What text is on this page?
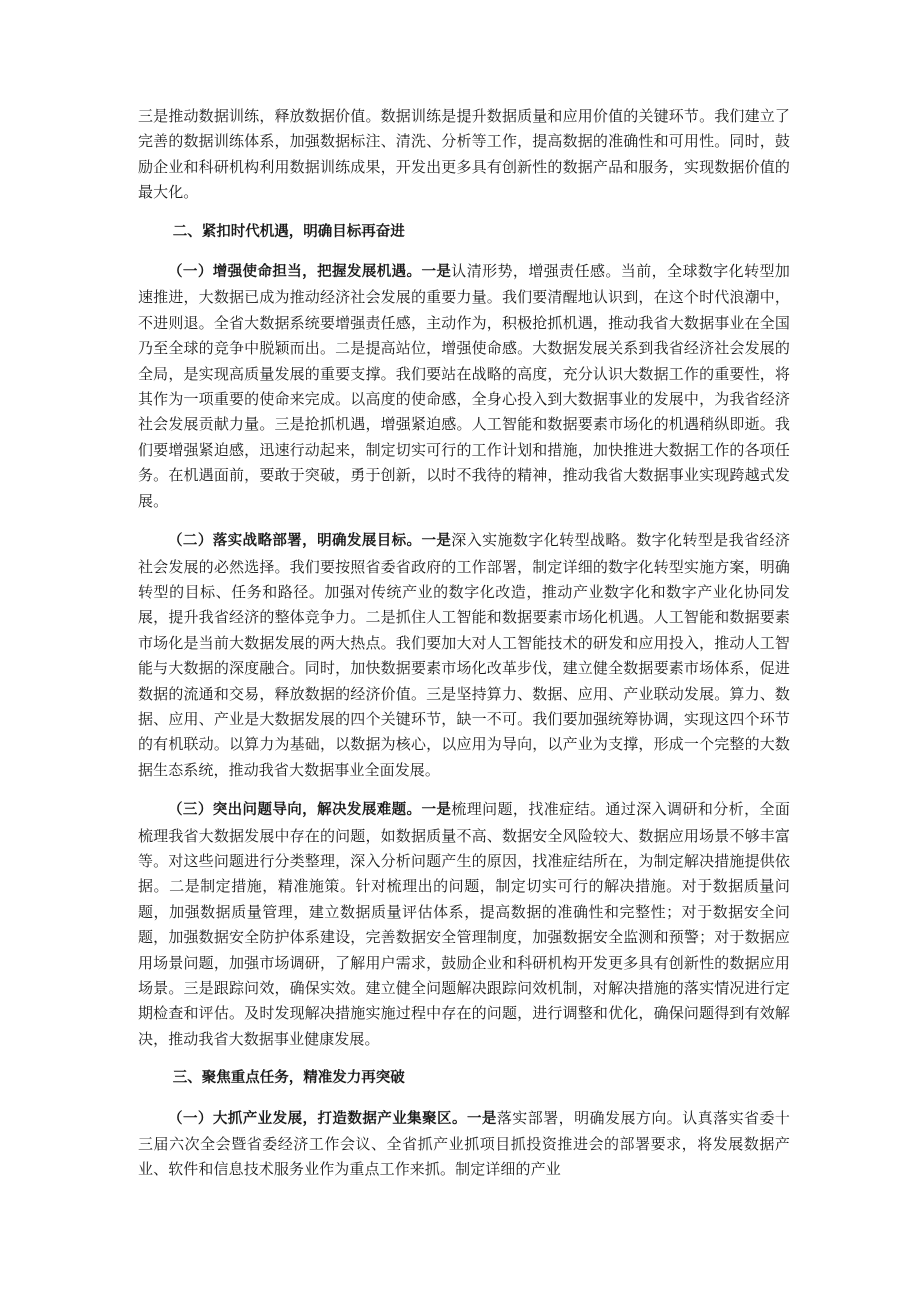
三是推动数据训练，释放数据价值。数据训练是提升数据质量和应用价值的关键环节。我们建立了完善的数据训练体系，加强数据标注、清洗、分析等工作，提高数据的准确性和可用性。同时，鼓励企业和科研机构利用数据训练成果，开发出更多具有创新性的数据产品和服务，实现数据价值的最大化。

二、紧扣时代机遇，明确目标再奋进

（一）增强使命担当，把握发展机遇。一是认清形势，增强责任感。当前，全球数字化转型加速推进，大数据已成为推动经济社会发展的重要力量。我们要清醒地认识到，在这个时代浪潮中，不进则退。全省大数据系统要增强责任感，主动作为，积极抢抓机遇，推动我省大数据事业在全国乃至全球的竞争中脱颖而出。二是提高站位，增强使命感。大数据发展关系到我省经济社会发展的全局，是实现高质量发展的重要支撑。我们要站在战略的高度，充分认识大数据工作的重要性，将其作为一项重要的使命来完成。以高度的使命感，全身心投入到大数据事业的发展中，为我省经济社会发展贡献力量。三是抢抓机遇，增强紧迫感。人工智能和数据要素市场化的机遇稍纵即逝。我们要增强紧迫感，迅速行动起来，制定切实可行的工作计划和措施，加快推进大数据工作的各项任务。在机遇面前，要敢于突破，勇于创新，以时不我待的精神，推动我省大数据事业实现跨越式发展。

（二）落实战略部署，明确发展目标。一是深入实施数字化转型战略。数字化转型是我省经济社会发展的必然选择。我们要按照省委省政府的工作部署，制定详细的数字化转型实施方案，明确转型的目标、任务和路径。加强对传统产业的数字化改造，推动产业数字化和数字产业化协同发展，提升我省经济的整体竞争力。二是抓住人工智能和数据要素市场化机遇。人工智能和数据要素市场化是当前大数据发展的两大热点。我们要加大对人工智能技术的研发和应用投入，推动人工智能与大数据的深度融合。同时，加快数据要素市场化改革步伐，建立健全数据要素市场体系，促进数据的流通和交易，释放数据的经济价值。三是坚持算力、数据、应用、产业联动发展。算力、数据、应用、产业是大数据发展的四个关键环节，缺一不可。我们要加强统筹协调，实现这四个环节的有机联动。以算力为基础，以数据为核心，以应用为导向，以产业为支撑，形成一个完整的大数据生态系统，推动我省大数据事业全面发展。

（三）突出问题导向，解决发展难题。一是梳理问题，找准症结。通过深入调研和分析，全面梳理我省大数据发展中存在的问题，如数据质量不高、数据安全风险较大、数据应用场景不够丰富等。对这些问题进行分类整理，深入分析问题产生的原因，找准症结所在，为制定解决措施提供依据。二是制定措施，精准施策。针对梳理出的问题，制定切实可行的解决措施。对于数据质量问题，加强数据质量管理，建立数据质量评估体系，提高数据的准确性和完整性；对于数据安全问题，加强数据安全防护体系建设，完善数据安全管理制度，加强数据安全监测和预警；对于数据应用场景问题，加强市场调研，了解用户需求，鼓励企业和科研机构开发更多具有创新性的数据应用场景。三是跟踪问效，确保实效。建立健全问题解决跟踪问效机制，对解决措施的落实情况进行定期检查和评估。及时发现解决措施实施过程中存在的问题，进行调整和优化，确保问题得到有效解决，推动我省大数据事业健康发展。

三、聚焦重点任务，精准发力再突破

（一）大抓产业发展，打造数据产业集聚区。一是落实部署，明确发展方向。认真落实省委十三届六次全会暨省委经济工作会议、全省抓产业抓项目抓投资推进会的部署要求，将发展数据产业、软件和信息技术服务业作为重点工作来抓。制定详细的产业
